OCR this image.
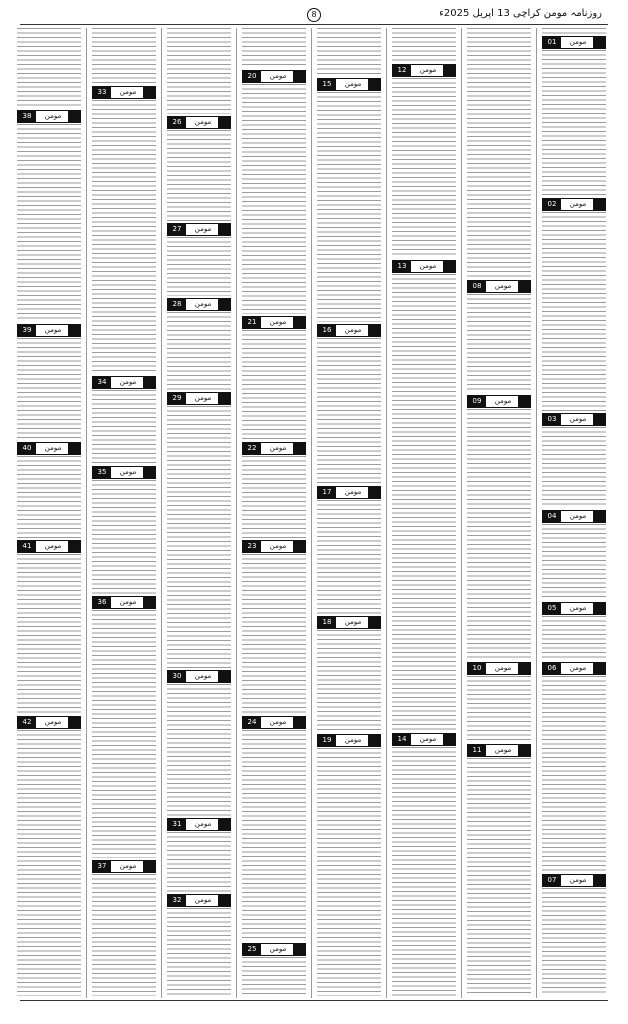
روزنامہ مومن کراچی 13 اپریل 2025ء
8
01	مومن
02	مومن
03	مومن
04	مومن
05	مومن
06	مومن
07	مومن
08	مومن
09	مومن
10	مومن
11	مومن
12	مومن
13	مومن
14	مومن
15	مومن
16	مومن
17	مومن
18	مومن
19	مومن
20	مومن
21	مومن
22	مومن
23	مومن
24	مومن
25	مومن
26	مومن
27	مومن
28	مومن
29	مومن
30	مومن
31	مومن
32	مومن
33	مومن
34	مومن
35	مومن
36	مومن
37	مومن
38	مومن
39	مومن
40	مومن
41	مومن
42	مومن
